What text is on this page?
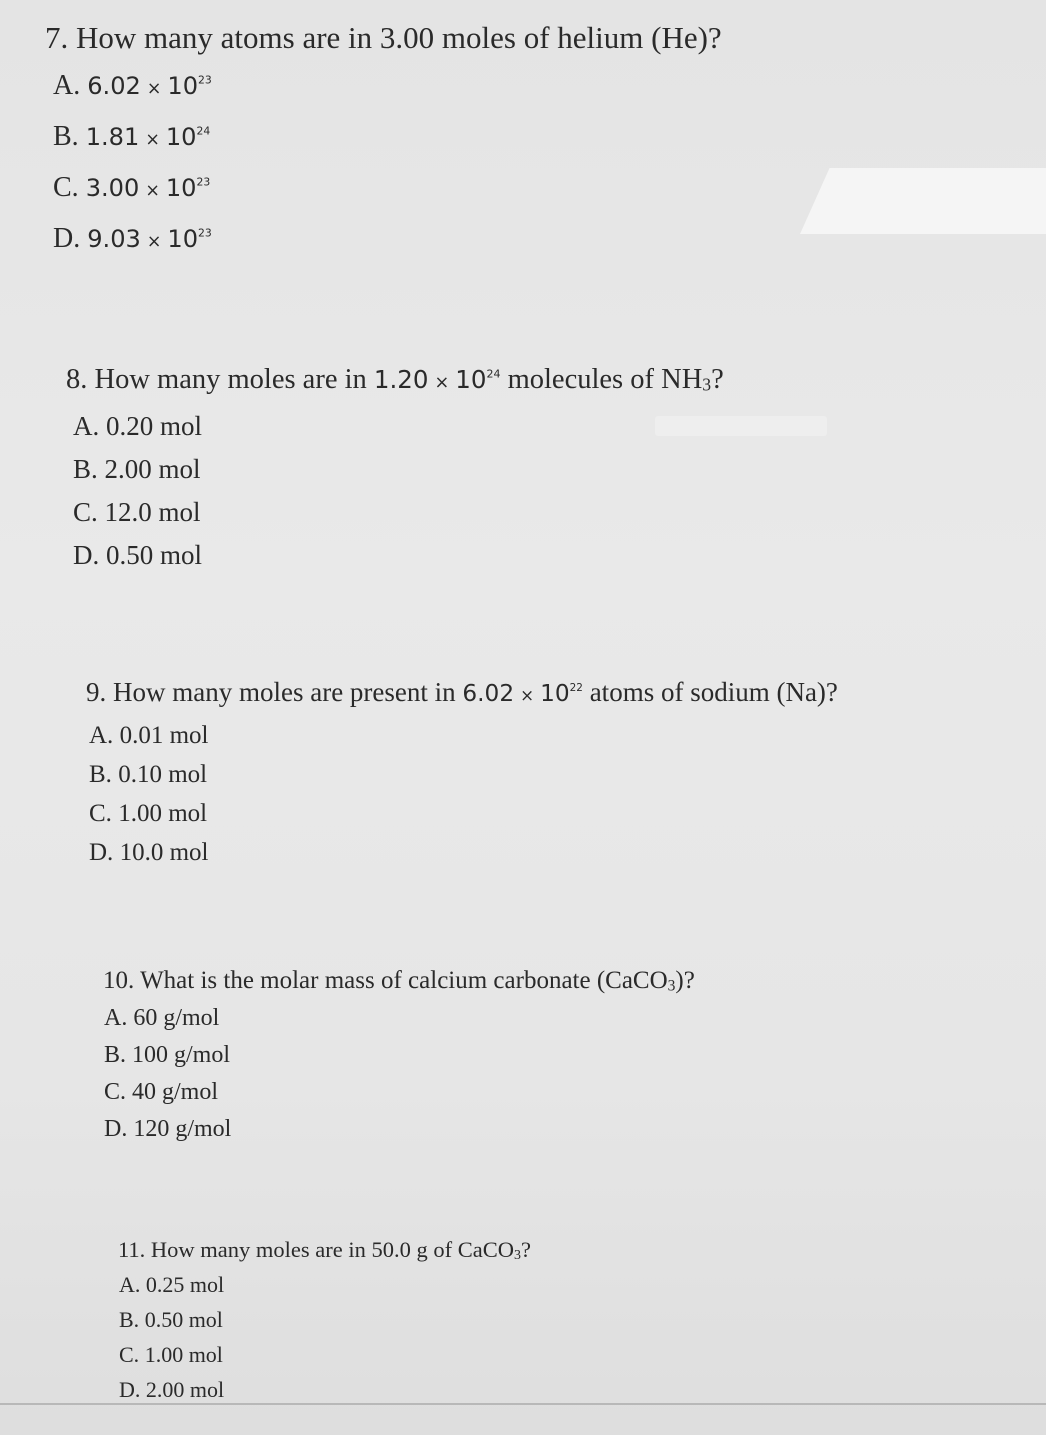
7. How many atoms are in 3.00 moles of helium (He)?

A. $6.02 \times 10^{23}$
B. $1.81 \times 10^{24}$
C. $3.00 \times 10^{23}$
D. $9.03 \times 10^{23}$

8. How many moles are in $1.20 \times 10^{24}$ molecules of $NH_3$?

A. 0.20 mol
B. 2.00 mol
C. 12.0 mol
D. 0.50 mol

9. How many moles are present in $6.02 \times 10^{22}$ atoms of sodium (Na)?

A. 0.01 mol
B. 0.10 mol
C. 1.00 mol
D. 10.0 mol

10. What is the molar mass of calcium carbonate (CaCO$_3$)?

A. 60 g/mol
B. 100 g/mol
C. 40 g/mol
D. 120 g/mol

11. How many moles are in 50.0 g of CaCO$_3$?

A. 0.25 mol
B. 0.50 mol
C. 1.00 mol
D. 2.00 mol
